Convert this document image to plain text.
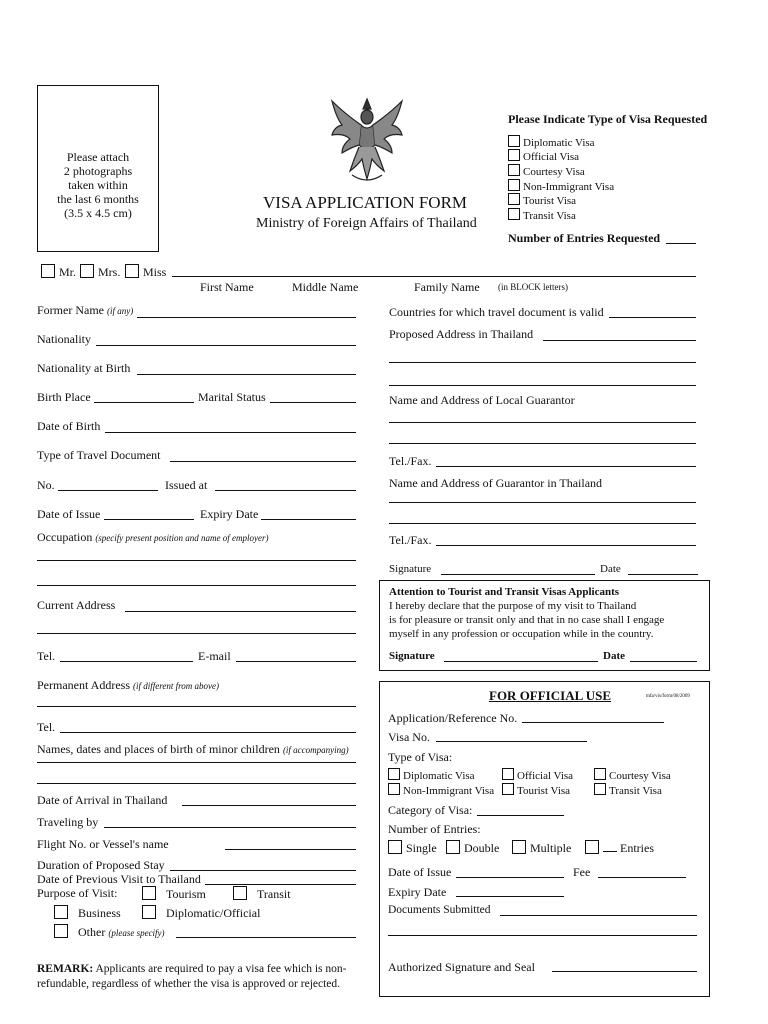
Please attach
2 photographs
taken within
the last 6 months
(3.5 x 4.5 cm)
VISA APPLICATION FORM
Ministry of Foreign Affairs of Thailand
Please Indicate Type of Visa Requested
Diplomatic Visa
Official Visa
Courtesy Visa
Non-Immigrant Visa
Tourist Visa
Transit Visa
Number of Entries Requested
Mr.	Mrs.	Miss
First Name	Middle Name	Family Name (in BLOCK letters)
Former Name (if any)
Nationality
Nationality at Birth
Birth Place	Marital Status
Date of Birth
Type of Travel Document
No.	Issued at
Date of Issue	Expiry Date
Occupation (specify present position and name of employer)
Current Address
Tel.	E-mail
Permanent Address (if different from above)
Tel.
Names, dates and places of birth of minor children (if accompanying)
Date of Arrival in Thailand
Traveling by
Flight No. or Vessel's name
Duration of Proposed Stay
Date of Previous Visit to Thailand
Purpose of Visit:	Tourism	Transit
Business	Diplomatic/Official
Other (please specify)
REMARK: Applicants are required to pay a visa fee which is non-
refundable, regardless of whether the visa is approved or rejected.
Countries for which travel document is valid
Proposed Address in Thailand
Name and Address of Local Guarantor
Tel./Fax.
Name and Address of Guarantor in Thailand
Tel./Fax.
Signature	Date
Attention to Tourist and Transit Visas Applicants
I hereby declare that the purpose of my visit to Thailand
is for pleasure or transit only and that in no case shall I engage
myself in any profession or occupation while in the country.
Signature	Date
FOR OFFICIAL USE	mfa/vis/form/08/2009
Application/Reference No.
Visa No.
Type of Visa:
Diplomatic Visa	Official Visa	Courtesy Visa
Non-Immigrant Visa	Tourist Visa	Transit Visa
Category of Visa:
Number of Entries:
Single	Double	Multiple	Entries
Date of Issue	Fee
Expiry Date
Documents Submitted
Authorized Signature and Seal
